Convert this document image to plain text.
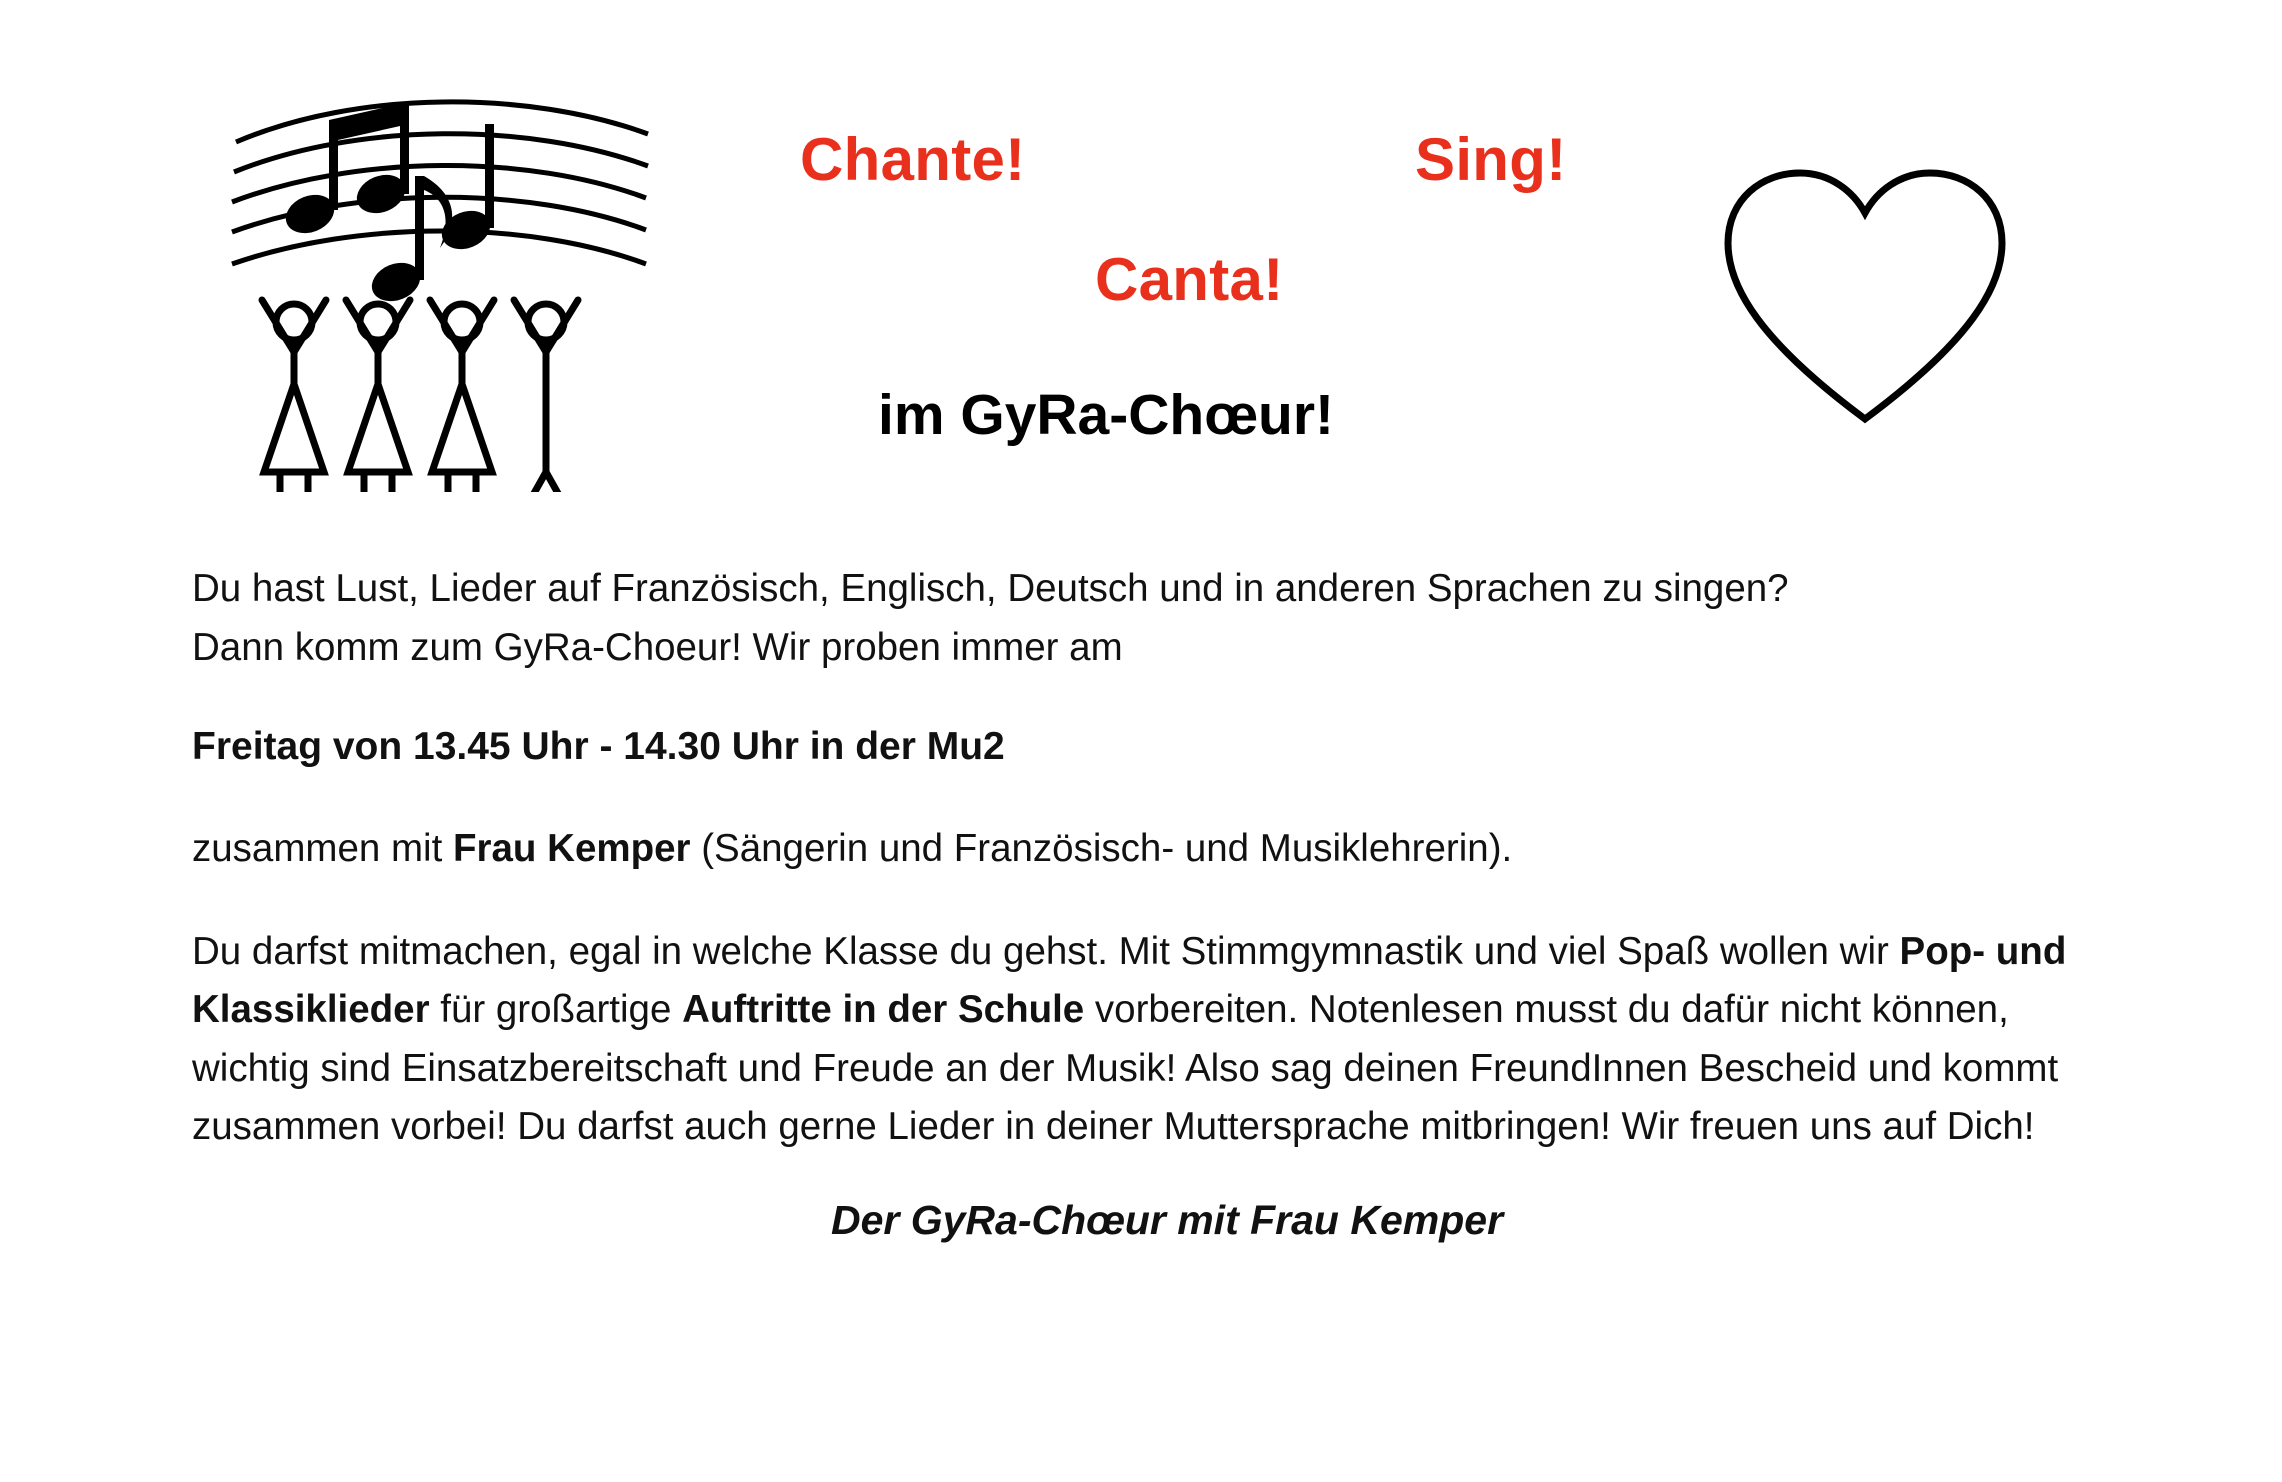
Chante!	Sing!
Canta!
im GyRa-Chœur!

Du hast Lust, Lieder auf Französisch, Englisch, Deutsch und in anderen Sprachen zu singen?
Dann komm zum GyRa-Choeur! Wir proben immer am

Freitag von 13.45 Uhr - 14.30 Uhr in der Mu2

zusammen mit Frau Kemper (Sängerin und Französisch- und Musiklehrerin).

Du darfst mitmachen, egal in welche Klasse du gehst. Mit Stimmgymnastik und viel Spaß wollen wir Pop- und Klassiklieder für großartige Auftritte in der Schule vorbereiten. Notenlesen musst du dafür nicht können, wichtig sind Einsatzbereitschaft und Freude an der Musik! Also sag deinen FreundInnen Bescheid und kommt zusammen vorbei! Du darfst auch gerne Lieder in deiner Muttersprache mitbringen! Wir freuen uns auf Dich!

Der GyRa-Chœur mit Frau Kemper
